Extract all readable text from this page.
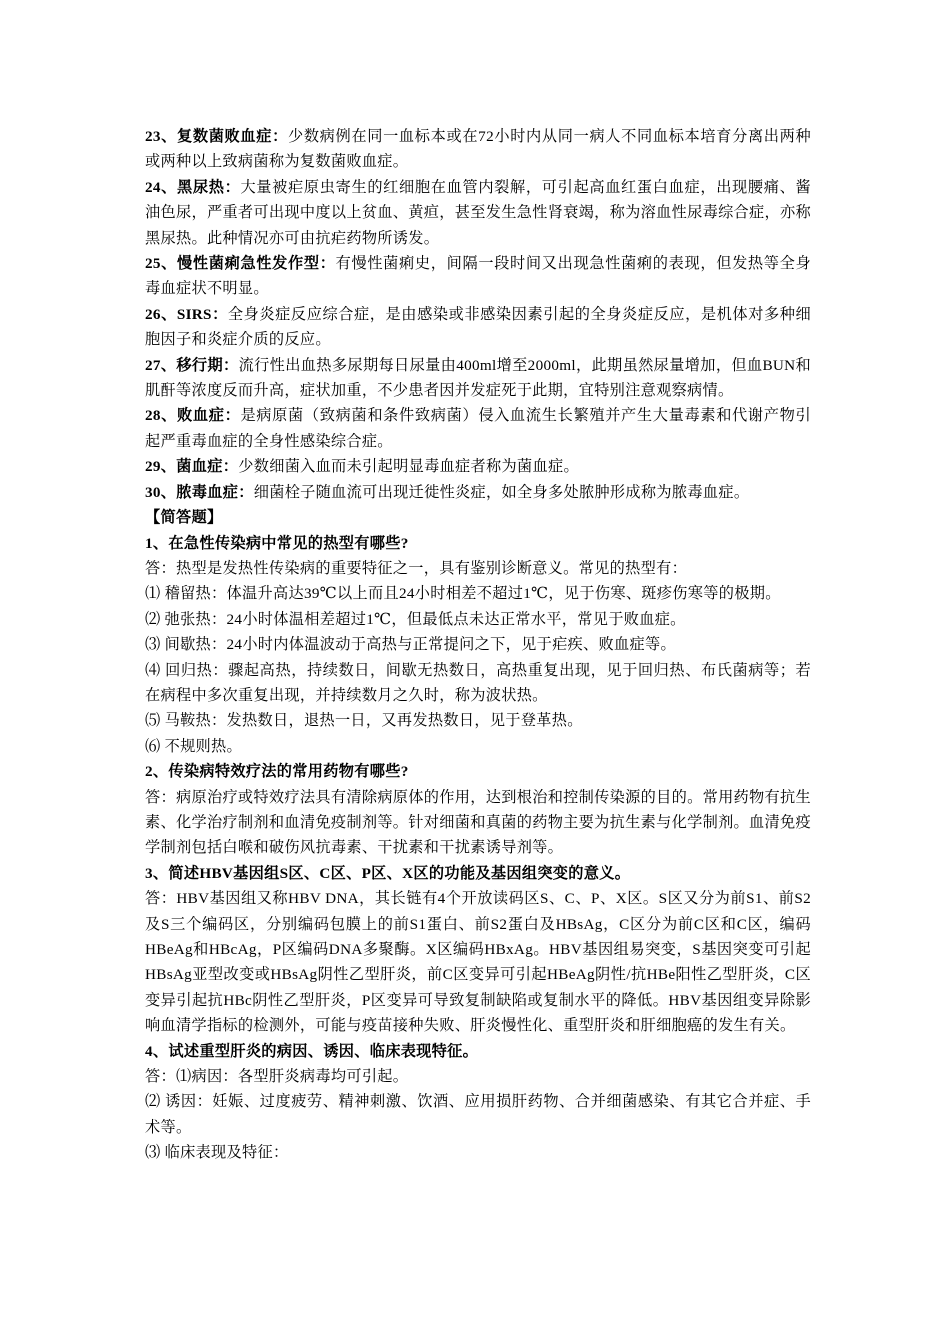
23、复数菌败血症：少数病例在同一血标本或在72小时内从同一病人不同血标本培育分离出两种或两种以上致病菌称为复数菌败血症。

24、黑尿热：大量被疟原虫寄生的红细胞在血管内裂解，可引起高血红蛋白血症，出现腰痛、酱油色尿，严重者可出现中度以上贫血、黄疸，甚至发生急性肾衰竭，称为溶血性尿毒综合症，亦称黑尿热。此种情况亦可由抗疟药物所诱发。

25、慢性菌痢急性发作型：有慢性菌痢史，间隔一段时间又出现急性菌痢的表现，但发热等全身毒血症状不明显。

26、SIRS：全身炎症反应综合症，是由感染或非感染因素引起的全身炎症反应，是机体对多种细胞因子和炎症介质的反应。

27、移行期：流行性出血热多尿期每日尿量由400ml增至2000ml，此期虽然尿量增加，但血BUN和肌酐等浓度反而升高，症状加重，不少患者因并发症死于此期，宜特别注意观察病情。

28、败血症：是病原菌（致病菌和条件致病菌）侵入血流生长繁殖并产生大量毒素和代谢产物引起严重毒血症的全身性感染综合症。

29、菌血症：少数细菌入血而未引起明显毒血症者称为菌血症。

30、脓毒血症：细菌栓子随血流可出现迁徙性炎症，如全身多处脓肿形成称为脓毒血症。

【简答题】

1、在急性传染病中常见的热型有哪些?

答：热型是发热性传染病的重要特征之一，具有鉴别诊断意义。常见的热型有：

⑴ 稽留热：体温升高达39℃以上而且24小时相差不超过1℃，见于伤寒、斑疹伤寒等的极期。

⑵ 弛张热：24小时体温相差超过1℃，但最低点未达正常水平，常见于败血症。

⑶ 间歇热：24小时内体温波动于高热与正常提问之下，见于疟疾、败血症等。

⑷ 回归热：骤起高热，持续数日，间歇无热数日，高热重复出现，见于回归热、布氏菌病等；若在病程中多次重复出现，并持续数月之久时，称为波状热。

⑸ 马鞍热：发热数日，退热一日，又再发热数日，见于登革热。

⑹ 不规则热。

2、传染病特效疗法的常用药物有哪些?

答：病原治疗或特效疗法具有清除病原体的作用，达到根治和控制传染源的目的。常用药物有抗生素、化学治疗制剂和血清免疫制剂等。针对细菌和真菌的药物主要为抗生素与化学制剂。血清免疫学制剂包括白喉和破伤风抗毒素、干扰素和干扰素诱导剂等。

3、简述HBV基因组S区、C区、P区、X区的功能及基因组突变的意义。

答：HBV基因组又称HBV DNA，其长链有4个开放读码区S、C、P、X区。S区又分为前S1、前S2及S三个编码区，分别编码包膜上的前S1蛋白、前S2蛋白及HBsAg，C区分为前C区和C区，编码HBeAg和HBcAg，P区编码DNA多聚酶。X区编码HBxAg。HBV基因组易突变，S基因突变可引起HBsAg亚型改变或HBsAg阴性乙型肝炎，前C区变异可引起HBeAg阴性/抗HBe阳性乙型肝炎，C区变异引起抗HBc阴性乙型肝炎，P区变异可导致复制缺陷或复制水平的降低。HBV基因组变异除影响血清学指标的检测外，可能与疫苗接种失败、肝炎慢性化、重型肝炎和肝细胞癌的发生有关。

4、试述重型肝炎的病因、诱因、临床表现特征。

答：⑴病因：各型肝炎病毒均可引起。

⑵ 诱因：妊娠、过度疲劳、精神刺激、饮酒、应用损肝药物、合并细菌感染、有其它合并症、手术等。

⑶ 临床表现及特征：
